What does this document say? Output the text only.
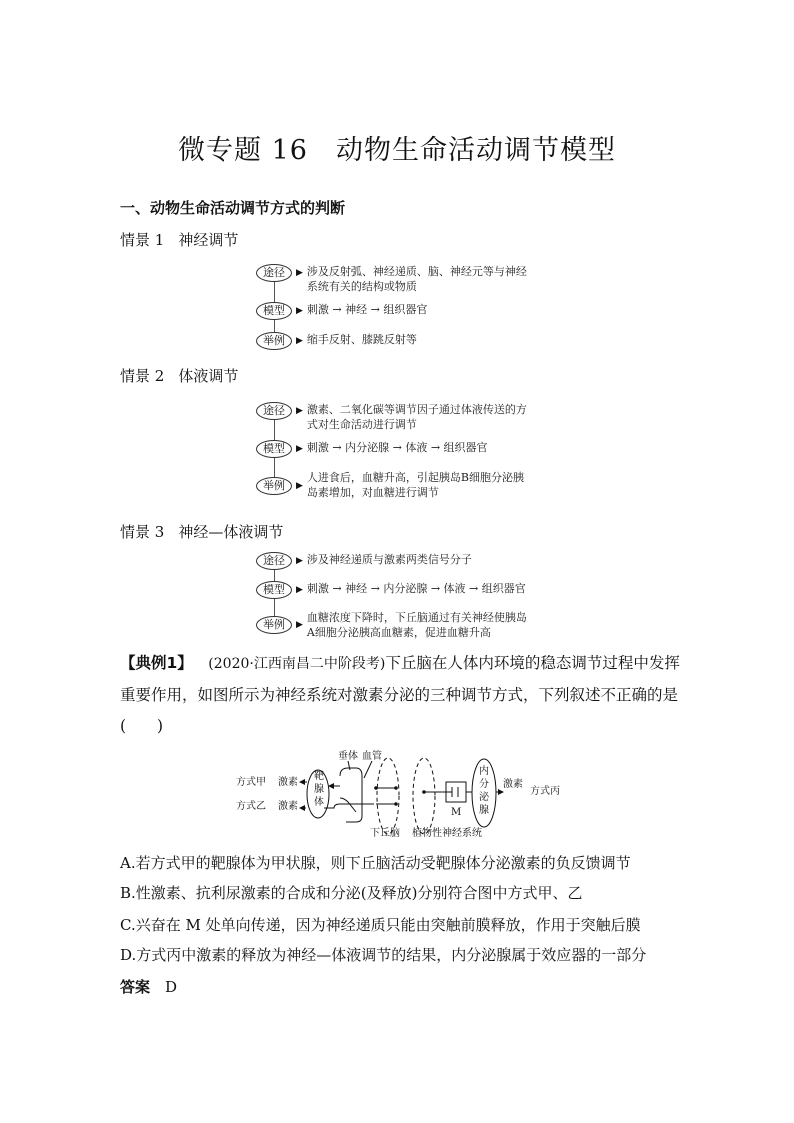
微专题 16　动物生命活动调节模型
一、动物生命活动调节方式的判断
情景 1 神经调节
途径	▶ 涉及反射弧、神经递质、脑、神经元等与神经
系统有关的结构或物质
模型	▶ 刺激 → 神经 → 组织器官
举例	▶ 缩手反射、膝跳反射等
情景 2 体液调节
途径	▶ 激素、二氧化碳等调节因子通过体液传送的方
式对生命活动进行调节
模型	▶ 刺激 → 内分泌腺 → 体液 → 组织器官
举例	▶
人进食后，血糖升高，引起胰岛B细胞分泌胰
岛素增加，对血糖进行调节
情景 3 神经—体液调节
途径	▶ 涉及神经递质与激素两类信号分子
模型	▶ 刺激 → 神经 → 内分泌腺 → 体液 → 组织器官
举例	▶
血糖浓度下降时，下丘脑通过有关神经使胰岛
A细胞分泌胰高血糖素，促进血糖升高
【典例1】  (2020·江西南昌二中阶段考)下丘脑在人体内环境的稳态调节过程中发挥重要作用，如图所示为神经系统对激素分泌的三种调节方式，下列叙述不正确的是(　　)
方式甲 激素
方式乙 激素
靶
腺
体
垂体 血管
M
内
分
泌
腺
激素
方式丙
下丘脑 植物性神经系统
A.若方式甲的靶腺体为甲状腺，则下丘脑活动受靶腺体分泌激素的负反馈调节
B.性激素、抗利尿激素的合成和分泌(及释放)分别符合图中方式甲、乙
C.兴奋在 M 处单向传递，因为神经递质只能由突触前膜释放，作用于突触后膜
D.方式丙中激素的释放为神经—体液调节的结果，内分泌腺属于效应器的一部分
答案  D
